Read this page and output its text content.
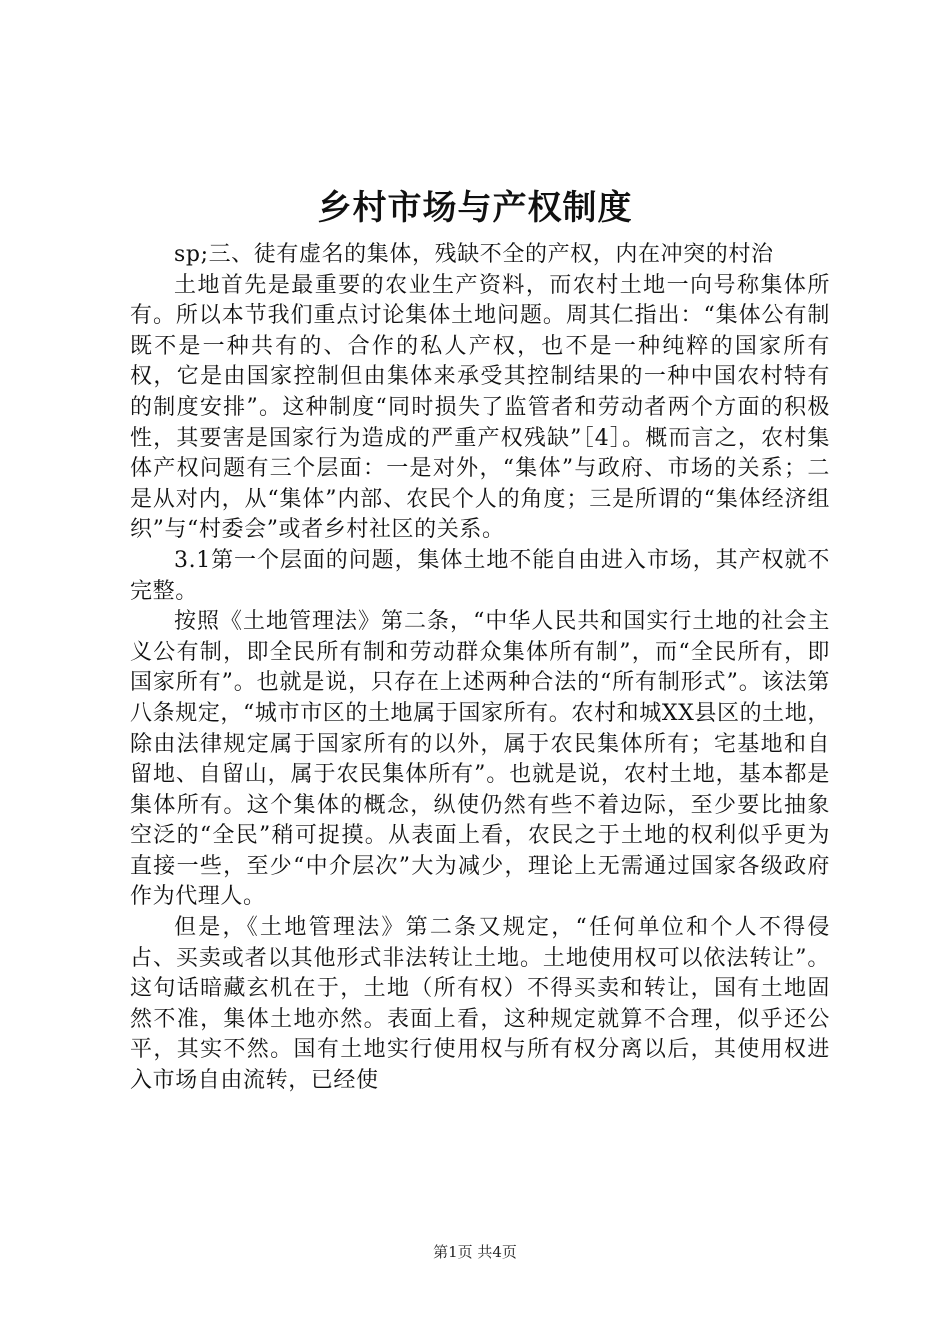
乡村市场与产权制度

sp;三、徒有虚名的集体，残缺不全的产权，内在冲突的村治

土地首先是最重要的农业生产资料，而农村土地一向号称集体所有。所以本节我们重点讨论集体土地问题。周其仁指出：“集体公有制既不是一种共有的、合作的私人产权，也不是一种纯粹的国家所有权，它是由国家控制但由集体来承受其控制结果的一种中国农村特有的制度安排”。这种制度“同时损失了监管者和劳动者两个方面的积极性，其要害是国家行为造成的严重产权残缺”［4］。概而言之，农村集体产权问题有三个层面：一是对外，“集体”与政府、市场的关系；二是从对内，从“集体”内部、农民个人的角度；三是所谓的“集体经济组织”与“村委会”或者乡村社区的关系。

3.1第一个层面的问题，集体土地不能自由进入市场，其产权就不完整。

按照《土地管理法》第二条，“中华人民共和国实行土地的社会主义公有制，即全民所有制和劳动群众集体所有制”，而“全民所有，即国家所有”。也就是说，只存在上述两种合法的“所有制形式”。该法第八条规定，“城市市区的土地属于国家所有。农村和城XX县区的土地，除由法律规定属于国家所有的以外，属于农民集体所有；宅基地和自留地、自留山，属于农民集体所有”。也就是说，农村土地，基本都是集体所有。这个集体的概念，纵使仍然有些不着边际，至少要比抽象空泛的“全民”稍可捉摸。从表面上看，农民之于土地的权利似乎更为直接一些，至少“中介层次”大为减少，理论上无需通过国家各级政府作为代理人。

但是，《土地管理法》第二条又规定，“任何单位和个人不得侵占、买卖或者以其他形式非法转让土地。土地使用权可以依法转让”。这句话暗藏玄机在于，土地（所有权）不得买卖和转让，国有土地固然不准，集体土地亦然。表面上看，这种规定就算不合理，似乎还公平，其实不然。国有土地实行使用权与所有权分离以后，其使用权进入市场自由流转，已经使

第1页 共4页
